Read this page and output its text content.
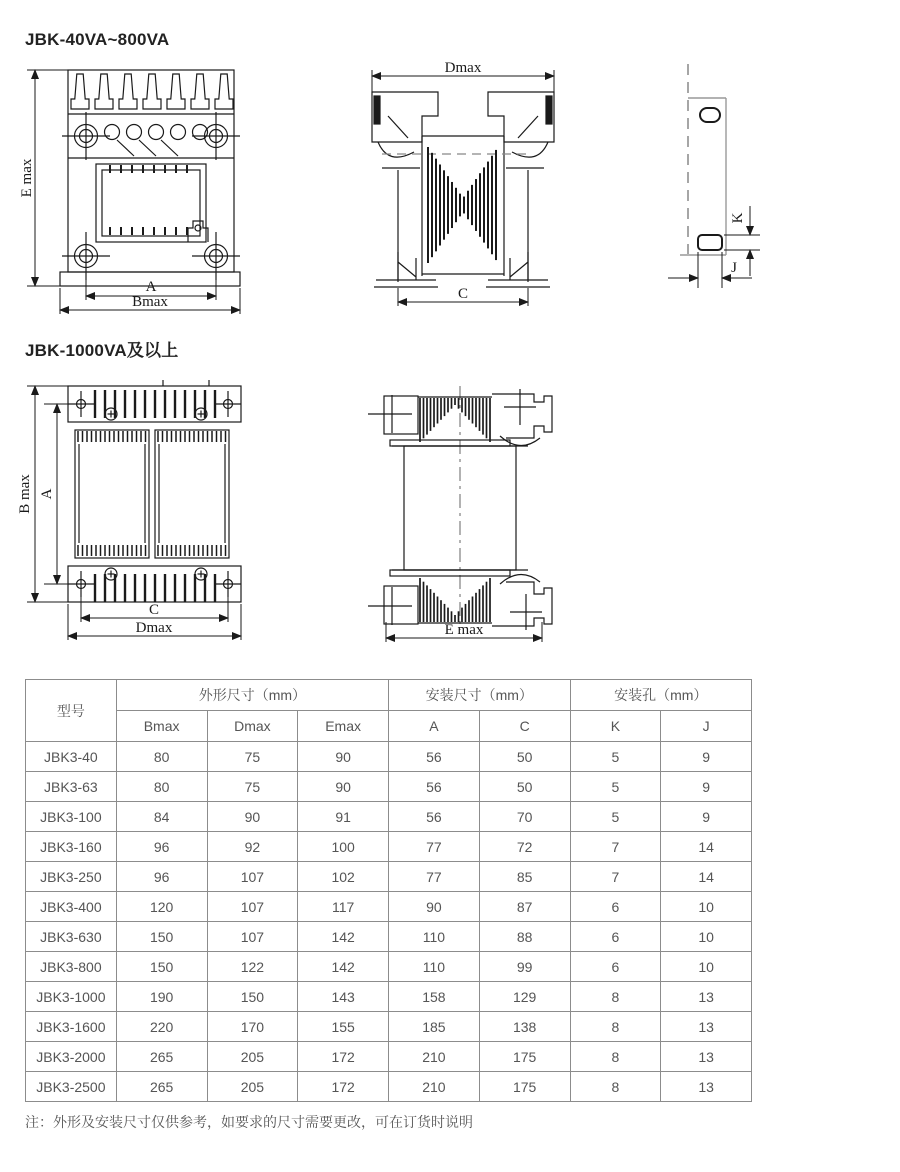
JBK-40VA~800VA
E max
A
Bmax
Dmax
C
K
J
JBK-1000VA及以上
B max A
C
Dmax	E max
型号	外形尺寸（mm）			安装尺寸（mm）		安装孔（mm）	
	Bmax	Dmax	Emax	A	C	K	J
JBK3-40	80	75	90	56	50	5	9
JBK3-63	80	75	90	56	50	5	9
JBK3-100	84	90	91	56	70	5	9
JBK3-160	96	92	100	77	72	7	14
JBK3-250	96	107	102	77	85	7	14
JBK3-400	120	107	117	90	87	6	10
JBK3-630	150	107	142	110	88	6	10
JBK3-800	150	122	142	110	99	6	10
JBK3-1000	190	150	143	158	129	8	13
JBK3-1600	220	170	155	185	138	8	13
JBK3-2000	265	205	172	210	175	8	13
JBK3-2500	265	205	172	210	175	8	13

注：外形及安装尺寸仅供参考，如要求的尺寸需要更改，可在订货时说明
